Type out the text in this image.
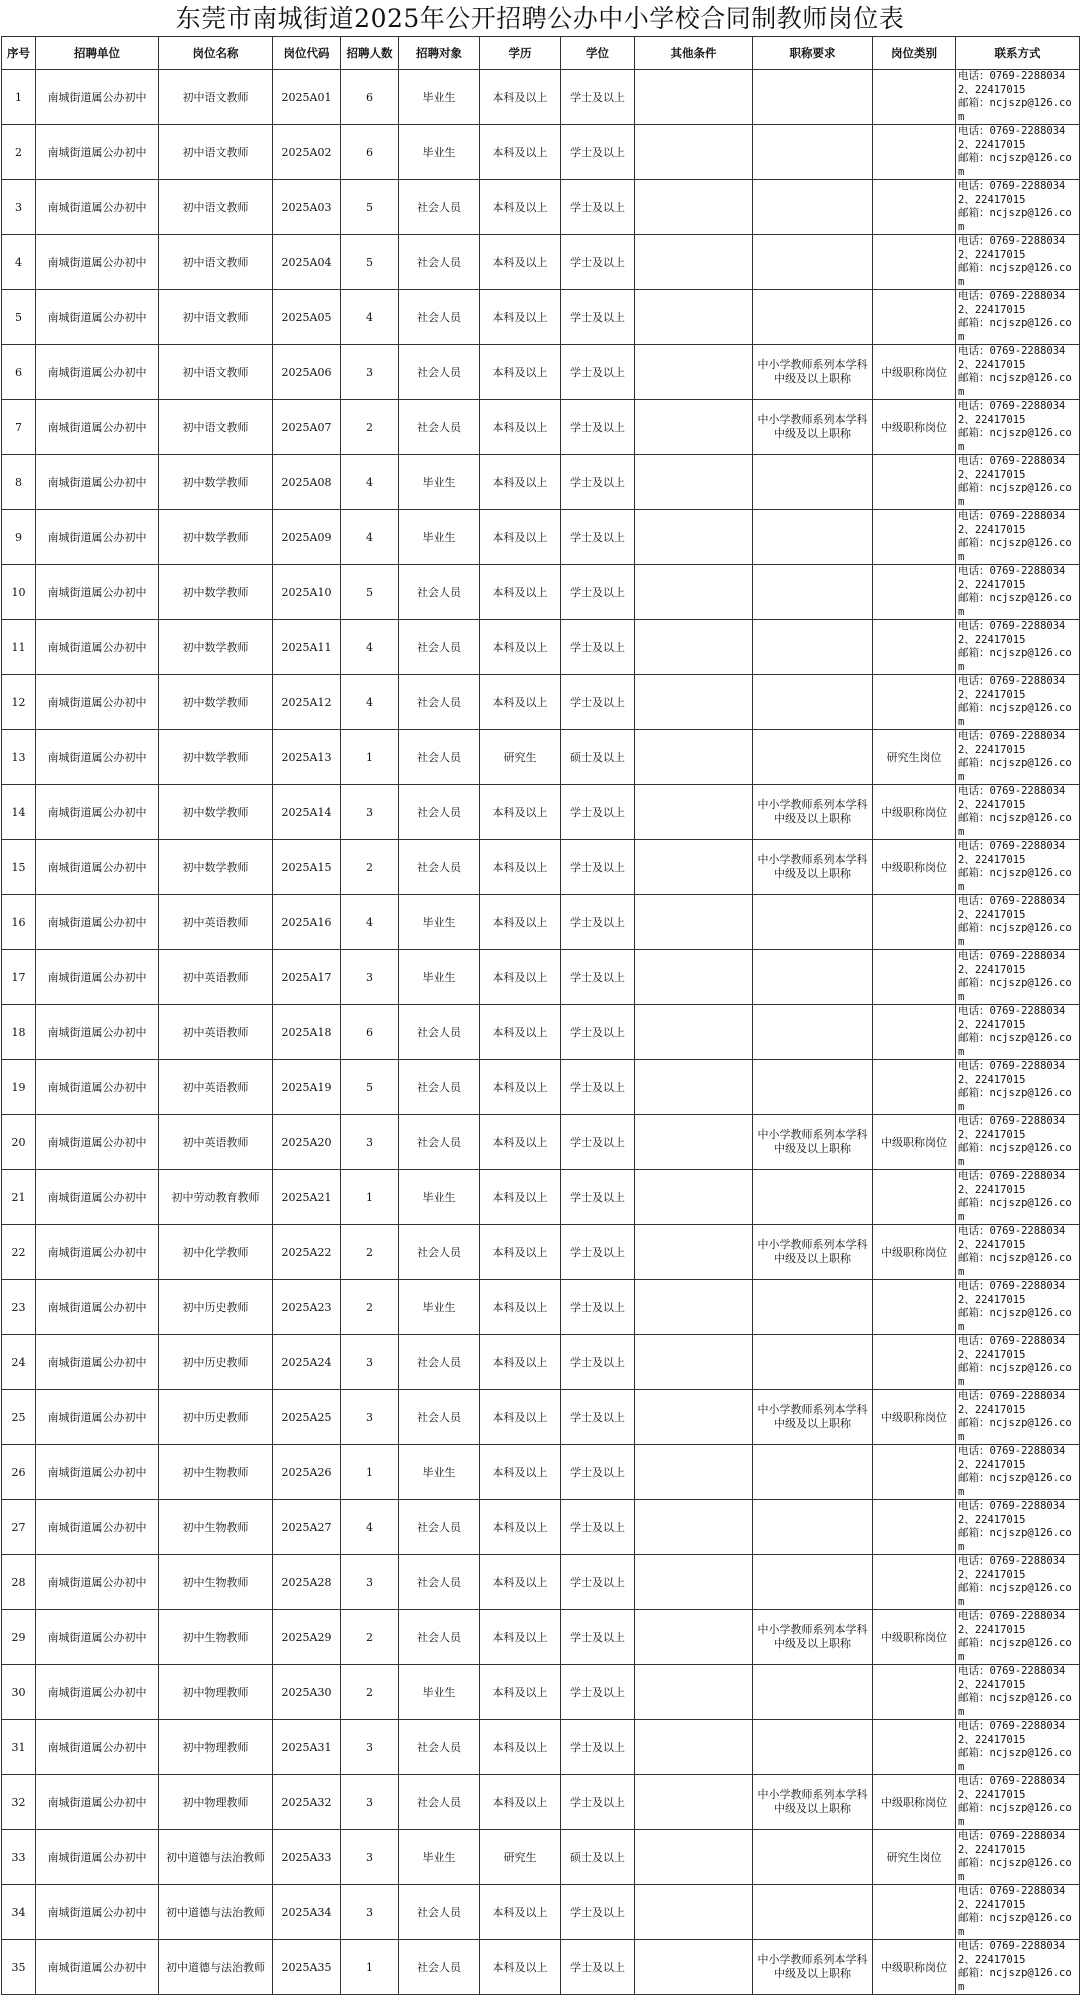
东莞市南城街道2025年公开招聘公办中小学校合同制教师岗位表
序号	招聘单位	岗位名称	岗位代码	招聘人数	招聘对象	学历	学位	其他条件	职称要求	岗位类别	联系方式
1	南城街道属公办初中	初中语文教师	2025A01	6	毕业生	本科及以上	学士及以上				电话：0769-22880342、22417015
邮箱：ncjszp@126.com

2	南城街道属公办初中	初中语文教师	2025A02	6	毕业生	本科及以上	学士及以上				电话：0769-22880342、22417015
邮箱：ncjszp@126.com

3	南城街道属公办初中	初中语文教师	2025A03	5	社会人员	本科及以上	学士及以上				电话：0769-22880342、22417015
邮箱：ncjszp@126.com

4	南城街道属公办初中	初中语文教师	2025A04	5	社会人员	本科及以上	学士及以上				电话：0769-22880342、22417015
邮箱：ncjszp@126.com

5	南城街道属公办初中	初中语文教师	2025A05	4	社会人员	本科及以上	学士及以上				电话：0769-22880342、22417015
邮箱：ncjszp@126.com

6	南城街道属公办初中	初中语文教师	2025A06	3	社会人员	本科及以上	学士及以上		中小学教师系列本学科中级及以上职称	中级职称岗位	电话：0769-22880342、22417015
邮箱：ncjszp@126.com

7	南城街道属公办初中	初中语文教师	2025A07	2	社会人员	本科及以上	学士及以上		中小学教师系列本学科中级及以上职称	中级职称岗位	电话：0769-22880342、22417015
邮箱：ncjszp@126.com

8	南城街道属公办初中	初中数学教师	2025A08	4	毕业生	本科及以上	学士及以上				电话：0769-22880342、22417015
邮箱：ncjszp@126.com

9	南城街道属公办初中	初中数学教师	2025A09	4	毕业生	本科及以上	学士及以上				电话：0769-22880342、22417015
邮箱：ncjszp@126.com

10	南城街道属公办初中	初中数学教师	2025A10	5	社会人员	本科及以上	学士及以上				电话：0769-22880342、22417015
邮箱：ncjszp@126.com

11	南城街道属公办初中	初中数学教师	2025A11	4	社会人员	本科及以上	学士及以上				电话：0769-22880342、22417015
邮箱：ncjszp@126.com

12	南城街道属公办初中	初中数学教师	2025A12	4	社会人员	本科及以上	学士及以上				电话：0769-22880342、22417015
邮箱：ncjszp@126.com

13	南城街道属公办初中	初中数学教师	2025A13	1	社会人员	研究生	硕士及以上			研究生岗位	电话：0769-22880342、22417015
邮箱：ncjszp@126.com

14	南城街道属公办初中	初中数学教师	2025A14	3	社会人员	本科及以上	学士及以上		中小学教师系列本学科中级及以上职称	中级职称岗位	电话：0769-22880342、22417015
邮箱：ncjszp@126.com

15	南城街道属公办初中	初中数学教师	2025A15	2	社会人员	本科及以上	学士及以上		中小学教师系列本学科中级及以上职称	中级职称岗位	电话：0769-22880342、22417015
邮箱：ncjszp@126.com

16	南城街道属公办初中	初中英语教师	2025A16	4	毕业生	本科及以上	学士及以上				电话：0769-22880342、22417015
邮箱：ncjszp@126.com

17	南城街道属公办初中	初中英语教师	2025A17	3	毕业生	本科及以上	学士及以上				电话：0769-22880342、22417015
邮箱：ncjszp@126.com

18	南城街道属公办初中	初中英语教师	2025A18	6	社会人员	本科及以上	学士及以上				电话：0769-22880342、22417015
邮箱：ncjszp@126.com

19	南城街道属公办初中	初中英语教师	2025A19	5	社会人员	本科及以上	学士及以上				电话：0769-22880342、22417015
邮箱：ncjszp@126.com

20	南城街道属公办初中	初中英语教师	2025A20	3	社会人员	本科及以上	学士及以上		中小学教师系列本学科中级及以上职称	中级职称岗位	电话：0769-22880342、22417015
邮箱：ncjszp@126.com

21	南城街道属公办初中	初中劳动教育教师	2025A21	1	毕业生	本科及以上	学士及以上				电话：0769-22880342、22417015
邮箱：ncjszp@126.com

22	南城街道属公办初中	初中化学教师	2025A22	2	社会人员	本科及以上	学士及以上		中小学教师系列本学科中级及以上职称	中级职称岗位	电话：0769-22880342、22417015
邮箱：ncjszp@126.com

23	南城街道属公办初中	初中历史教师	2025A23	2	毕业生	本科及以上	学士及以上				电话：0769-22880342、22417015
邮箱：ncjszp@126.com

24	南城街道属公办初中	初中历史教师	2025A24	3	社会人员	本科及以上	学士及以上				电话：0769-22880342、22417015
邮箱：ncjszp@126.com

25	南城街道属公办初中	初中历史教师	2025A25	3	社会人员	本科及以上	学士及以上		中小学教师系列本学科中级及以上职称	中级职称岗位	电话：0769-22880342、22417015
邮箱：ncjszp@126.com

26	南城街道属公办初中	初中生物教师	2025A26	1	毕业生	本科及以上	学士及以上				电话：0769-22880342、22417015
邮箱：ncjszp@126.com

27	南城街道属公办初中	初中生物教师	2025A27	4	社会人员	本科及以上	学士及以上				电话：0769-22880342、22417015
邮箱：ncjszp@126.com

28	南城街道属公办初中	初中生物教师	2025A28	3	社会人员	本科及以上	学士及以上				电话：0769-22880342、22417015
邮箱：ncjszp@126.com

29	南城街道属公办初中	初中生物教师	2025A29	2	社会人员	本科及以上	学士及以上		中小学教师系列本学科中级及以上职称	中级职称岗位	电话：0769-22880342、22417015
邮箱：ncjszp@126.com

30	南城街道属公办初中	初中物理教师	2025A30	2	毕业生	本科及以上	学士及以上				电话：0769-22880342、22417015
邮箱：ncjszp@126.com

31	南城街道属公办初中	初中物理教师	2025A31	3	社会人员	本科及以上	学士及以上				电话：0769-22880342、22417015
邮箱：ncjszp@126.com

32	南城街道属公办初中	初中物理教师	2025A32	3	社会人员	本科及以上	学士及以上		中小学教师系列本学科中级及以上职称	中级职称岗位	电话：0769-22880342、22417015
邮箱：ncjszp@126.com

33	南城街道属公办初中	初中道德与法治教师	2025A33	3	毕业生	研究生	硕士及以上			研究生岗位	电话：0769-22880342、22417015
邮箱：ncjszp@126.com

34	南城街道属公办初中	初中道德与法治教师	2025A34	3	社会人员	本科及以上	学士及以上				电话：0769-22880342、22417015
邮箱：ncjszp@126.com

35	南城街道属公办初中	初中道德与法治教师	2025A35	1	社会人员	本科及以上	学士及以上		中小学教师系列本学科中级及以上职称	中级职称岗位	电话：0769-22880342、22417015
邮箱：ncjszp@126.com
